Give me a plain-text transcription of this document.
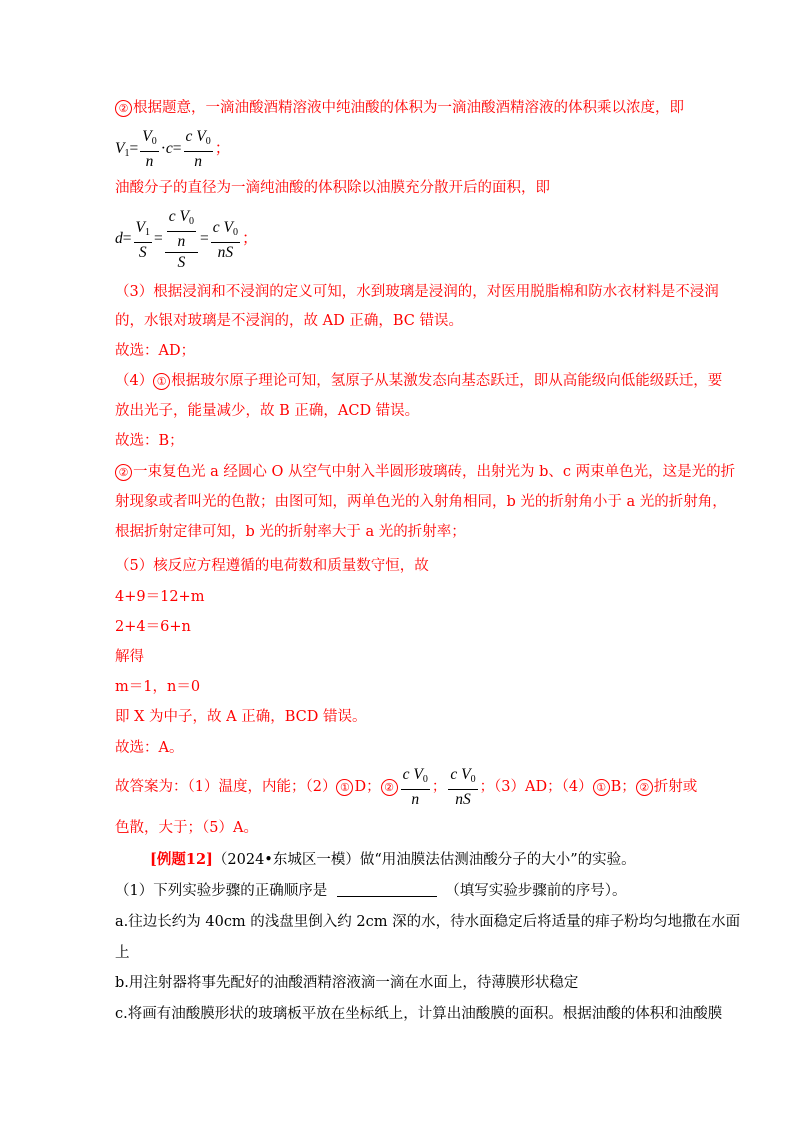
② 根据题意，一滴油酸酒精溶液中纯油酸的体积为一滴油酸酒精溶液的体积乘以浓度，即
$V_1= \frac{V_0}{n} \cdot c= \frac{c V_0}{n}$ ；
油酸分子的直径为一滴纯油酸的体积除以油膜充分散开后的面积，即
$d= \frac{V_1}{S} = \frac{\frac{c V_0}{n}}{S} = \frac{c V_0}{nS}$ ；
（3）根据浸润和不浸润的定义可知，水到玻璃是浸润的，对医用脱脂棉和防水衣材料是不浸润
的，水银对玻璃是不浸润的，故 AD 正确，BC 错误。
故选：AD；
（4） ① 根据玻尔原子理论可知，氢原子从某激发态向基态跃迁，即从高能级向低能级跃迁，要
放出光子，能量减少，故 B 正确，ACD 错误。
故选：B；
② 一束复色光 a 经圆心 O 从空气中射入半圆形玻璃砖，出射光为 b、c 两束单色光，这是光的折
射现象或者叫光的色散；由图可知，两单色光的入射角相同，b 光的折射角小于 a 光的折射角，
根据折射定律可知，b 光的折射率大于 a 光的折射率；
（5）核反应方程遵循的电荷数和质量数守恒，故
4+9＝12+m
2+4＝6+n
解得
m＝1，n＝0
即 X 为中子，故 A 正确，BCD 错误。
故选：A。
故答案为：（1）温度，内能；（2） ① D； ② $\frac{c V_0}{n}$ ； $\frac{c V_0}{nS}$ ；（3）AD；（4） ① B； ② 折射或
色散，大于；（5）A。
[例题12]（2024•东城区一模）做“用油膜法估测油酸分子的大小”的实验。
（1）下列实验步骤的正确顺序是	（填写实验步骤前的序号）。
a.往边长约为 40cm 的浅盘里倒入约 2cm 深的水，待水面稳定后将适量的痱子粉均匀地撒在水面
上
b.用注射器将事先配好的油酸酒精溶液滴一滴在水面上，待薄膜形状稳定
c.将画有油酸膜形状的玻璃板平放在坐标纸上，计算出油酸膜的面积。根据油酸的体积和油酸膜
